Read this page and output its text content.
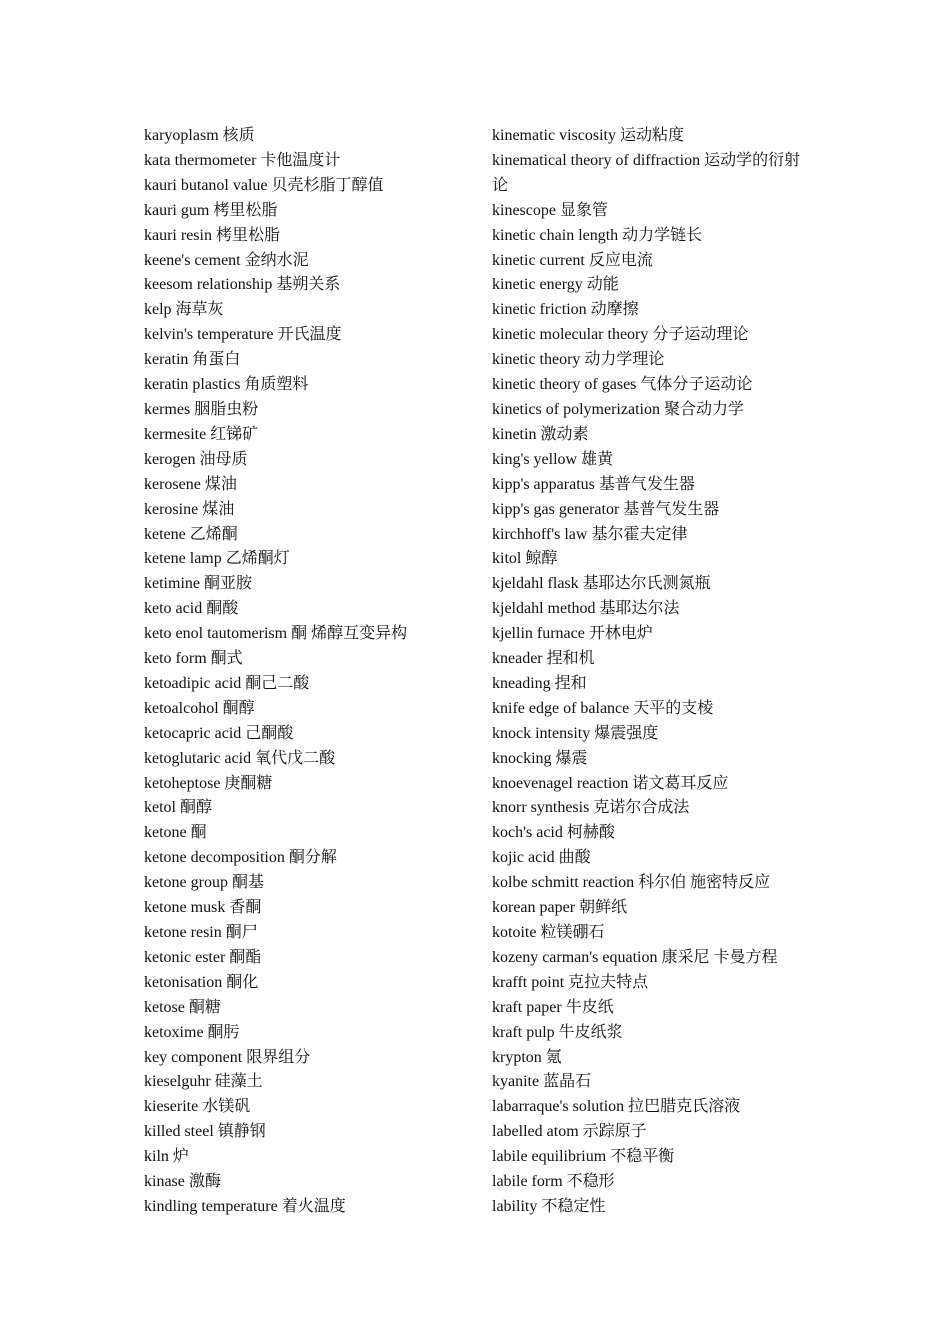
karyoplasm 核质
kata thermometer 卡他温度计
kauri butanol value 贝壳杉脂丁醇值
kauri gum 栲里松脂
kauri resin 栲里松脂
keene's cement 金纳水泥
keesom relationship 基朔关系
kelp 海草灰
kelvin's temperature 开氏温度
keratin 角蛋白
keratin plastics 角质塑料
kermes 胭脂虫粉
kermesite 红锑矿
kerogen 油母质
kerosene 煤油
kerosine 煤油
ketene 乙烯酮
ketene lamp 乙烯酮灯
ketimine 酮亚胺
keto acid 酮酸
keto enol tautomerism 酮 烯醇互变异构
keto form 酮式
ketoadipic acid 酮己二酸
ketoalcohol 酮醇
ketocapric acid 己酮酸
ketoglutaric acid 氧代戊二酸
ketoheptose 庚酮糖
ketol 酮醇
ketone 酮
ketone decomposition 酮分解
ketone group 酮基
ketone musk 香酮
ketone resin 酮尸
ketonic ester 酮酯
ketonisation 酮化
ketose 酮糖
ketoxime 酮肟
key component 限界组分
kieselguhr 硅藻土
kieserite 水镁矾
killed steel 镇静钢
kiln 炉
kinase 激酶
kindling temperature 着火温度
kinematic viscosity 运动粘度
kinematical theory of diffraction 运动学的衍射论
kinescope 显象管
kinetic chain length 动力学链长
kinetic current 反应电流
kinetic energy 动能
kinetic friction 动摩擦
kinetic molecular theory 分子运动理论
kinetic theory 动力学理论
kinetic theory of gases 气体分子运动论
kinetics of polymerization 聚合动力学
kinetin 激动素
king's yellow 雄黄
kipp's apparatus 基普气发生器
kipp's gas generator 基普气发生器
kirchhoff's law 基尔霍夫定律
kitol 鲸醇
kjeldahl flask 基耶达尔氏测氮瓶
kjeldahl method 基耶达尔法
kjellin furnace 开林电炉
kneader 捏和机
kneading 捏和
knife edge of balance 天平的支棱
knock intensity 爆震强度
knocking 爆震
knoevenagel reaction 诺文葛耳反应
knorr synthesis 克诺尔合成法
koch's acid 柯赫酸
kojic acid 曲酸
kolbe schmitt reaction 科尔伯 施密特反应
korean paper 朝鲜纸
kotoite 粒镁硼石
kozeny carman's equation 康采尼 卡曼方程
krafft point 克拉夫特点
kraft paper 牛皮纸
kraft pulp 牛皮纸浆
krypton 氪
kyanite 蓝晶石
labarraque's solution 拉巴腊克氏溶液
labelled atom 示踪原子
labile equilibrium 不稳平衡
labile form 不稳形
lability 不稳定性
